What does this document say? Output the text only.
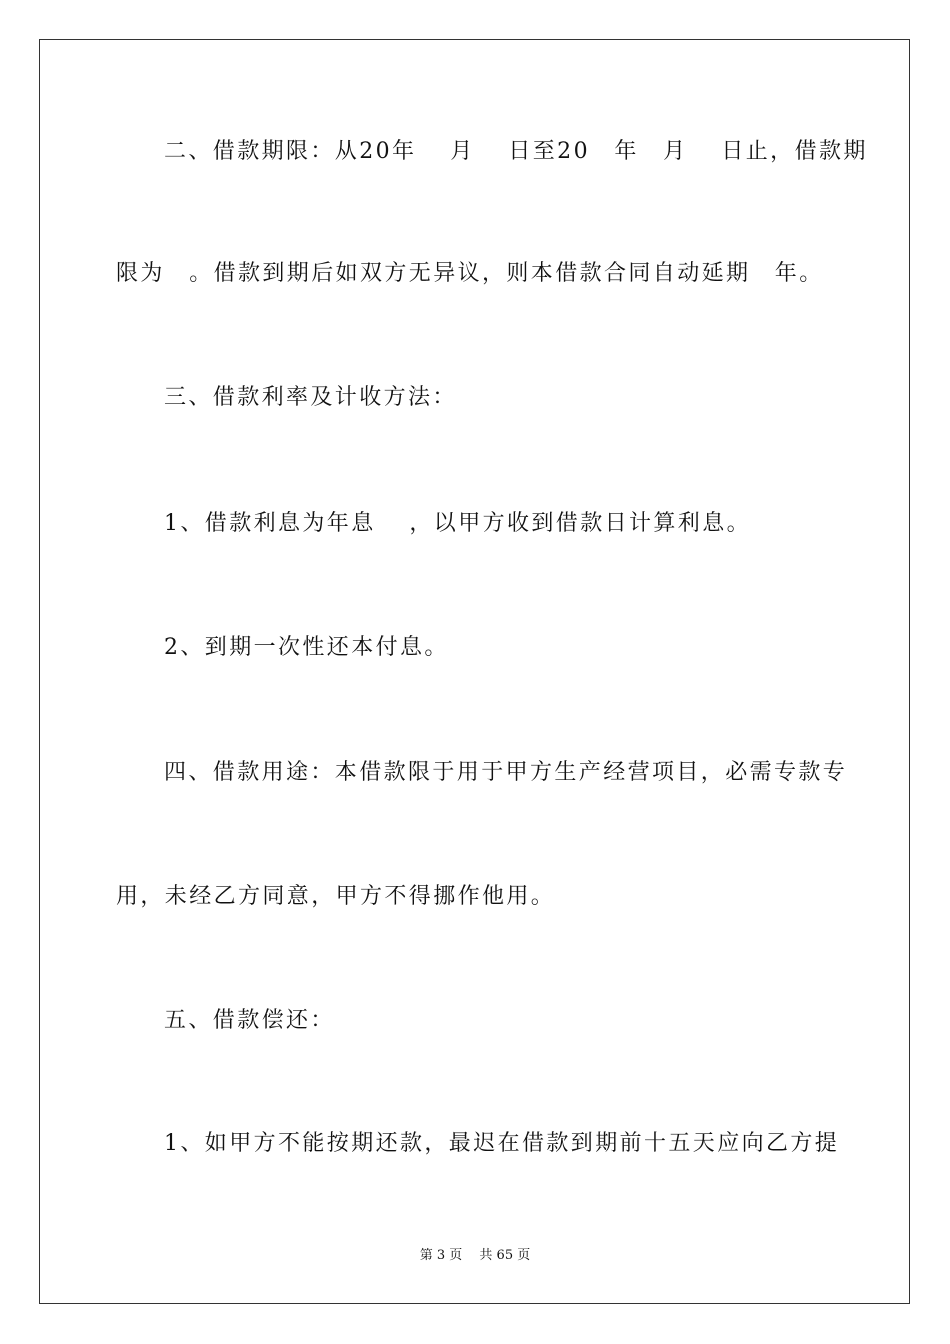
二、借款期限：从20年　 月　 日至20　年　月　 日止，借款期
限为　。借款到期后如双方无异议，则本借款合同自动延期　年。
三、借款利率及计收方法：
1、借款利息为年息　 ，以甲方收到借款日计算利息。
2、到期一次性还本付息。
四、借款用途：本借款限于用于甲方生产经营项目，必需专款专
用，未经乙方同意，甲方不得挪作他用。
五、借款偿还：
1、如甲方不能按期还款，最迟在借款到期前十五天应向乙方提
第 3 页　 共 65 页
